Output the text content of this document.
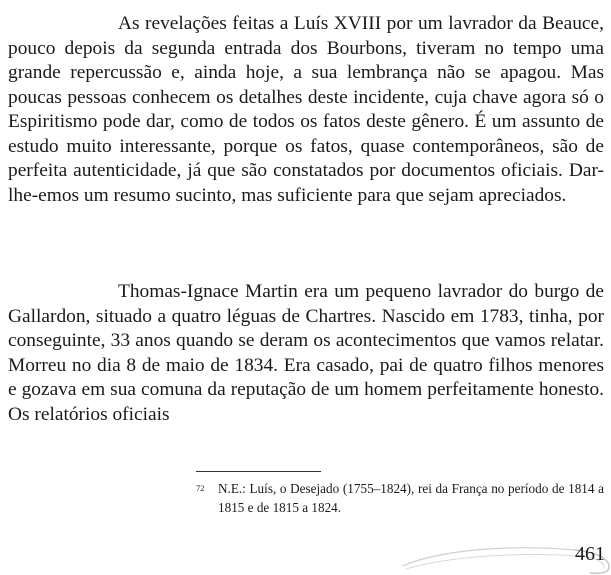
As revelações feitas a Luís XVIII por um lavrador da Beauce, pouco depois da segunda entrada dos Bourbons, tiveram no tempo uma grande repercussão e, ainda hoje, a sua lembrança não se apagou. Mas poucas pessoas conhecem os detalhes deste incidente, cuja chave agora só o Espiritismo pode dar, como de todos os fatos deste gênero. É um assunto de estudo muito interessante, porque os fatos, quase contemporâneos, são de perfeita autenticidade, já que são constatados por documentos oficiais. Dar-lhe-emos um resumo sucinto, mas suficiente para que sejam apreciados.

Thomas-Ignace Martin era um pequeno lavrador do burgo de Gallardon, situado a quatro léguas de Chartres. Nascido em 1783, tinha, por conseguinte, 33 anos quando se deram os acontecimentos que vamos relatar. Morreu no dia 8 de maio de 1834. Era casado, pai de quatro filhos menores e gozava em sua comuna da reputação de um homem perfeitamente honesto. Os relatórios oficiais

72 N.E.: Luís, o Desejado (1755–1824), rei da França no período de 1814 a 1815 e de 1815 a 1824.

461
